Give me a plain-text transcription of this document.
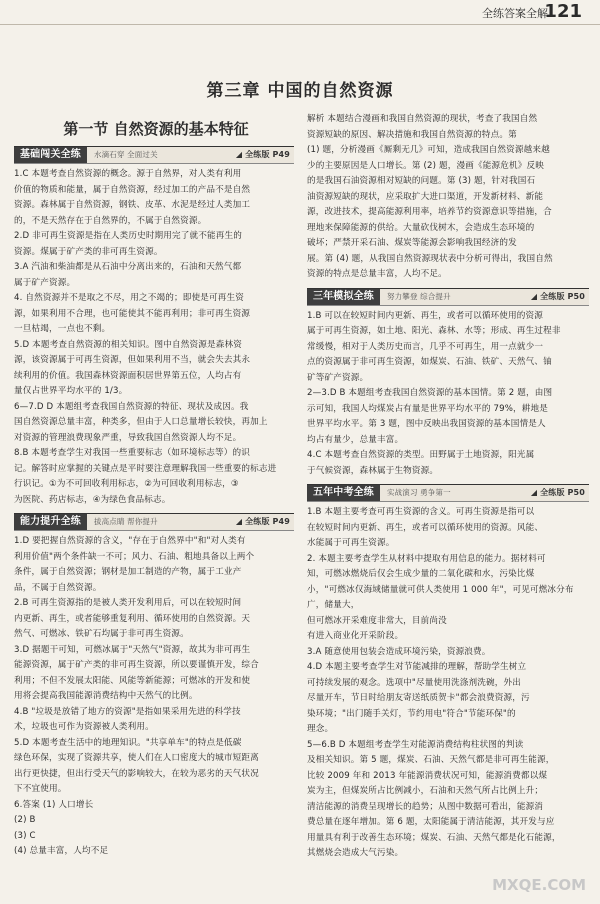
全练答案全解
121
第三章 中国的自然资源
第一节 自然资源的基本特征
基础闯关全练	水滴石穿 全面过关	◢ 全练版 P49

1.C 本题考查自然资源的概念。源于自然界，对人类有利用

价值的物质和能量，属于自然资源，经过加工的产品不是自然

资源。森林属于自然资源，钢铁、皮革、水泥是经过人类加工

的，不是天然存在于自然界的，不属于自然资源。

2.D 非可再生资源是指在人类历史时期用完了就不能再生的

资源。煤属于矿产类的非可再生资源。

3.A 汽油和柴油都是从石油中分离出来的，石油和天然气都

属于矿产资源。

4. 自然资源并不是取之不尽，用之不竭的；即使是可再生资

源，如果利用不合理，也可能使其不能再利用；非可再生资源

一旦枯竭，一点也不剩。

5.D 本题考查自然资源的相关知识。图中自然资源是森林资

源，该资源属于可再生资源，但如果利用不当，就会失去其永

续利用的价值。我国森林资源面积居世界第五位，人均占有

量仅占世界平均水平的 1/3。

6—7.D D 本题组考查我国自然资源的特征、现状及成因。我

国自然资源总量丰富，种类多，但由于人口总量增长较快，再加上

对资源的管理浪费现象严重，导致我国自然资源人均不足。

8.B 本题考查学生对我国一些重要标志（如环境标志等）的识

记。解答时应掌握的关键点是平时要注意理解我国一些重要的标志进

行识记。①为不可回收利用标志，②为可回收利用标志，③

为医院、药店标志，④为绿色食品标志。

能力提升全练	拔高点睛 帮你提升	◢ 全练版 P49

1.D 要把握自然资源的含义，"存在于自然界中"和"对人类有

利用价值"两个条件缺一不可；风力、石油、粗地具备以上两个

条件，属于自然资源；钢材是加工制造的产物，属于工业产

品，不属于自然资源。

2.B 可再生资源指的是被人类开发利用后，可以在较短时间

内更新、再生，或者能够重复利用、循环使用的自然资源。天

然气、可燃冰、铁矿石均属于非可再生资源。

3.D 据题干可知，可燃冰属于"天然气"资源，故其为非可再生

能源资源，属于矿产类的非可再生资源，所以要谨慎开发，综合

利用；不但不发展太阳能、风能等新能源；可燃冰的开发和使

用将会提高我国能源消费结构中天然气的比例。

4.B "垃圾是放错了地方的资源"是指如果采用先进的科学技

术，垃圾也可作为资源被人类利用。

5.D 本题考查生活中的地理知识。"共享单车"的特点是低碳

绿色环保，实现了资源共享，使人们在人口密度大的城市短距离

出行更快捷，但出行受天气的影响较大，在较为恶劣的天气状况

下不宜使用。

6.答案 (1) 人口增长

(2) B

(3) C

(4) 总量丰富，人均不足

解析 本题结合漫画和我国自然资源的现状，考查了我国自然

资源短缺的原因、解决措施和我国自然资源的特点。第

(1) 题，分析漫画《厮剩无几》可知，造成我国自然资源越来越

少的主要原因是人口增长。第 (2) 题，漫画《能源危机》反映

的是我国石油资源相对短缺的问题。第 (3) 题，针对我国石

油资源短缺的现状，应采取扩大进口渠道，开发新材料、新能

源，改进技术，提高能源利用率，培养节约资源意识等措施，合

理地来保障能源的供给。大量砍伐树木，会造成生态环境的

破坏；严禁开采石油、煤炭等能源会影响我国经济的发

展。第 (4) 题，从我国自然资源现状表中分析可得出，我国自然

资源的特点是总量丰富，人均不足。

三年模拟全练	努力攀登 综合提升	◢ 全练版 P50

1.B 可以在较短时间内更新、再生，或者可以循环使用的资源

属于可再生资源，如土地、阳光、森林、水等；形成、再生过程非

常缓慢，相对于人类历史而言，几乎不可再生，用一点就少一

点的资源属于非可再生资源，如煤炭、石油、铁矿、天然气、铀

矿等矿产资源。

2—3.D B 本题组考查我国自然资源的基本国情。第 2 题，由图

示可知，我国人均煤炭占有量是世界平均水平的 79%，耕地是

世界平均水平。第 3 题，图中反映出我国资源的基本国情是人

均占有量少，总量丰富。

4.C 本题考查自然资源的类型。田野属于土地资源，阳光属

于气候资源，森林属于生物资源。

五年中考全练	实战演习 勇争第一	◢ 全练版 P50

1.B 本题主要考查可再生资源的含义。可再生资源是指可以

在较短时间内更新、再生，或者可以循环使用的资源。风能、

水能属于可再生资源。

2. 本题主要考查学生从材料中提取有用信息的能力。据材料可

知，可燃冰燃烧后仅会生成少量的二氧化碳和水，污染比煤

小，"可燃冰仅海域储量就可供人类使用 1 000 年"，可见可燃冰分布广，储量大，

但可燃冰开采难度非常大，目前尚没

有进入商业化开采阶段。

3.A 随意使用包装会造成环境污染，资源浪费。

4.D 本题主要考查学生对节能减排的理解，帮助学生树立

可持续发展的观念。选项中"尽量使用洗涤剂洗碗，外出

尽量开车，节日时给朋友寄送纸质贺卡"都会浪费资源，污

染环境；"出门随手关灯，节约用电"符合"节能环保"的

理念。

5—6.B D 本题组考查学生对能源消费结构柱状图的判读

及相关知识。第 5 题，煤炭、石油、天然气都是非可再生能源，

比较 2009 年和 2013 年能源消费状况可知，能源消费都以煤

炭为主，但煤炭所占比例减小，石油和天然气所占比例上升；

清洁能源的消费呈现增长的趋势；从图中数据可看出，能源消

费总量在逐年增加。第 6 题，太阳能属于清洁能源，其开发与应

用量具有利于改善生态环境；煤炭、石油、天然气都是化石能源，

其燃烧会造成大气污染。

MXQE.COM
